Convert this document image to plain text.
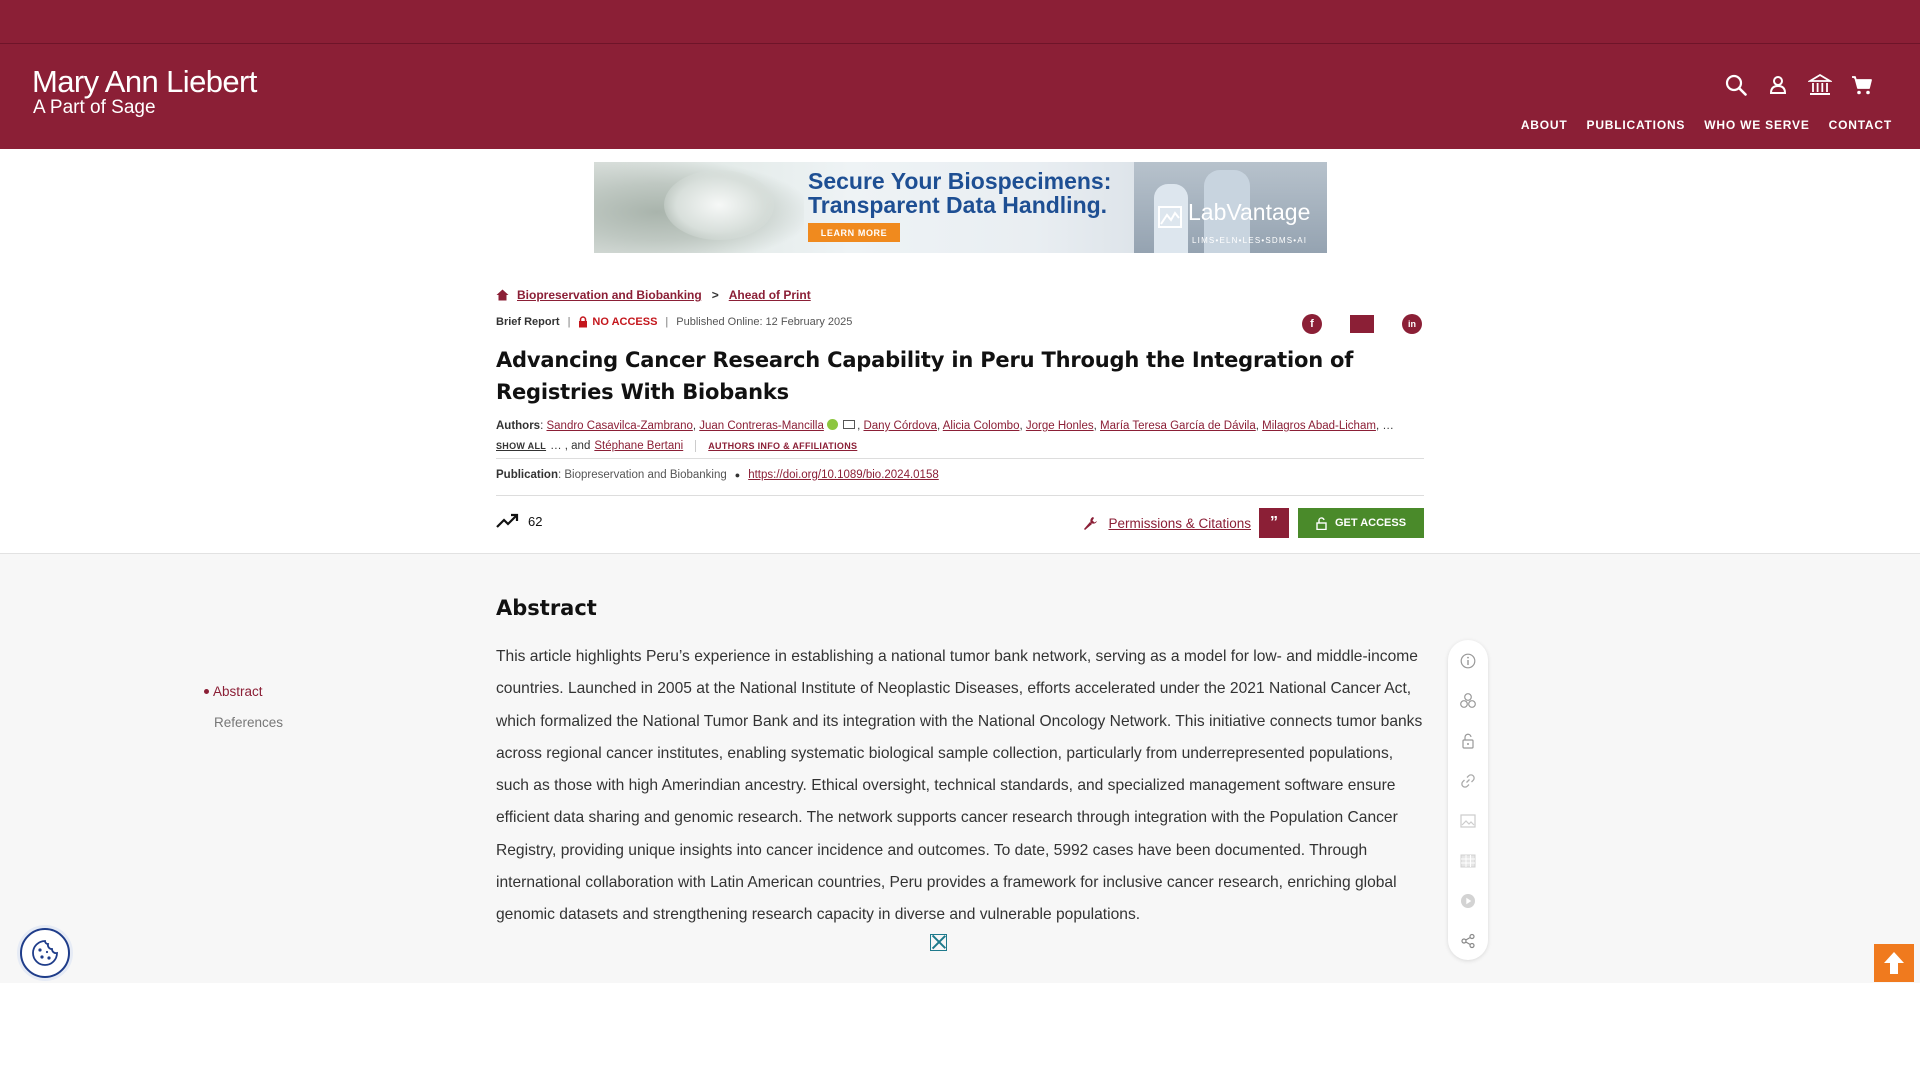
Mary Ann Liebert
A Part of Sage
ABOUT PUBLICATIONS WHO WE SERVE CONTACT
Secure Your Biospecimens:
Transparent Data Handling.
LEARN MORE
LabVantage
LIMS•ELN•LES•SDMS•AI
Biopreservation and Biobanking > Ahead of Print
Brief Report | NO ACCESS | Published Online: 12 February 2025	f	in
Advancing Cancer Research Capability in Peru Through the Integration of Registries With Biobanks
Authors: Sandro Casavilca-Zambrano, Juan Contreras-Mancilla	, Dany Córdova, Alicia Colombo, Jorge Honles, María Teresa García de Dávila, Milagros Abad-Licham, …
SHOW ALL … , and Stéphane Bertani	AUTHORS INFO & AFFILIATIONS
Publication : Biopreservation and Biobanking ● https://doi.org/10.1089/bio.2024.0158
62	Permissions & Citations ”	GET ACCESS
Abstract
References
Abstract

This article highlights Peru’s experience in establishing a national tumor bank network, serving as a model for low- and middle-income countries. Launched in 2005 at the National Institute of Neoplastic Diseases, efforts accelerated under the 2021 National Cancer Act, which formalized the National Tumor Bank and its integration with the National Oncology Network. This initiative connects tumor banks across regional cancer institutes, enabling systematic biological sample collection, particularly from underrepresented populations, such as those with high Amerindian ancestry. Ethical oversight, technical standards, and specialized management software ensure efficient data sharing and genomic research. The network supports cancer research through integration with the Population Cancer Registry, providing unique insights into cancer incidence and outcomes. To date, 5992 cases have been documented. Through international collaboration with Latin American countries, Peru provides a framework for inclusive cancer research, enriching global genomic datasets and strengthening research capacity in diverse and vulnerable populations.
